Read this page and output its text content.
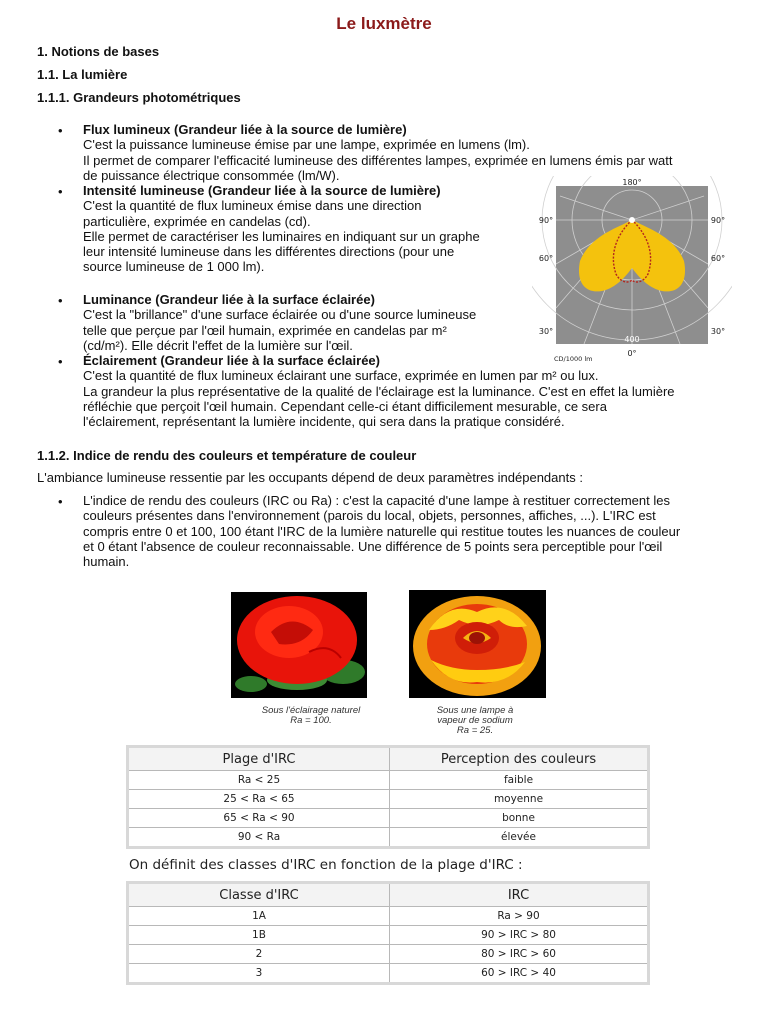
Le luxmètre
1. Notions de bases
1.1. La lumière
1.1.1. Grandeurs photométriques
• Flux lumineux (Grandeur liée à la source de lumière)
C'est la puissance lumineuse émise par une lampe, exprimée en lumens (lm).
Il permet de comparer l'efficacité lumineuse des différentes lampes, exprimée en lumens émis par watt
de puissance électrique consommée (lm/W).
• Intensité lumineuse (Grandeur liée à la source de lumière)
C'est la quantité de flux lumineux émise dans une direction
particulière, exprimée en candelas (cd).
Elle permet de caractériser les luminaires en indiquant sur un graphe
leur intensité lumineuse dans les différentes directions (pour une
source lumineuse de 1 000 lm).
180°
90°	90°
60°	60°
30°	30°
400
0°
CD/1000 lm
• Luminance (Grandeur liée à la surface éclairée)
C'est la "brillance" d'une surface éclairée ou d'une source lumineuse
telle que perçue par l'œil humain, exprimée en candelas par m²
(cd/m²). Elle décrit l'effet de la lumière sur l'œil.
• Éclairement (Grandeur liée à la surface éclairée)
C'est la quantité de flux lumineux éclairant une surface, exprimée en lumen par m² ou lux.
La grandeur la plus représentative de la qualité de l'éclairage est la luminance. C'est en effet la lumière
réfléchie que perçoit l'œil humain. Cependant celle-ci étant difficilement mesurable, ce sera
l'éclairement, représentant la lumière incidente, qui sera dans la pratique considéré.
1.1.2. Indice de rendu des couleurs et température de couleur
L'ambiance lumineuse ressentie par les occupants dépend de deux paramètres indépendants :
• L'indice de rendu des couleurs (IRC ou Ra) : c'est la capacité d'une lampe à restituer correctement les
couleurs présentes dans l'environnement (parois du local, objets, personnes, affiches, ...). L'IRC est
compris entre 0 et 100, 100 étant l'IRC de la lumière naturelle qui restitue toutes les nuances de couleur
et 0 étant l'absence de couleur reconnaissable. Une différence de 5 points sera perceptible pour l'œil
humain.
Sous l'éclairage naturel
Ra = 100.
Sous une lampe à
vapeur de sodium
Ra = 25.
Plage d'IRC	Perception des couleurs
Ra < 25	faible
25 < Ra < 65	moyenne
65 < Ra < 90	bonne
90 < Ra	élevée
On définit des classes d'IRC en fonction de la plage d'IRC :
Classe d'IRC	IRC
1A	Ra > 90
1B	90 > IRC > 80
2	80 > IRC > 60
3	60 > IRC > 40
